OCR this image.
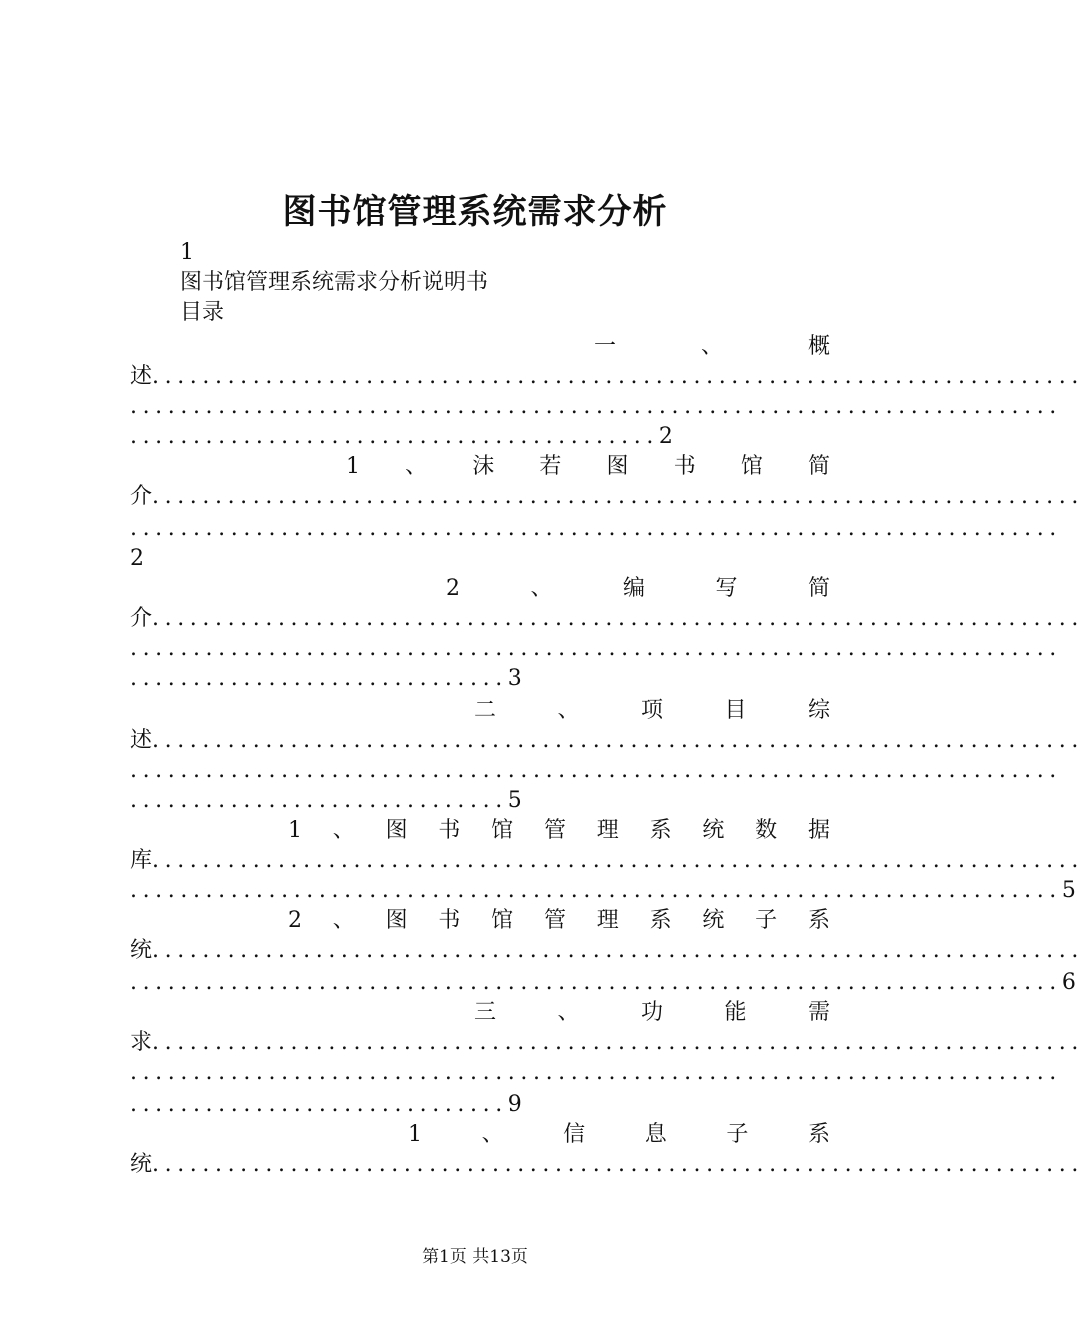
图书馆管理系统需求分析
1
图书馆管理系统需求分析说明书
目录
一	、	概
述 ..........................................................................
..........................................................................
.......................................... 2
1 、 沫 若 图 书 馆 简
介 ..........................................................................
..........................................................................
2
2	、	编	写	简
介 ..........................................................................
..........................................................................
.............................. 3
二	、	项	目	综
述 ..........................................................................
..........................................................................
.............................. 5
1 、 图 书 馆 管 理 系 统 数 据
库 ..........................................................................
.......................................................................... 5
2 、 图 书 馆 管 理 系 统 子 系
统 ..........................................................................
.......................................................................... 6
三	、	功	能	需
求 ..........................................................................
..........................................................................
.............................. 9
1	、	信	息	子	系
统 ..........................................................................
第1页 共13页
